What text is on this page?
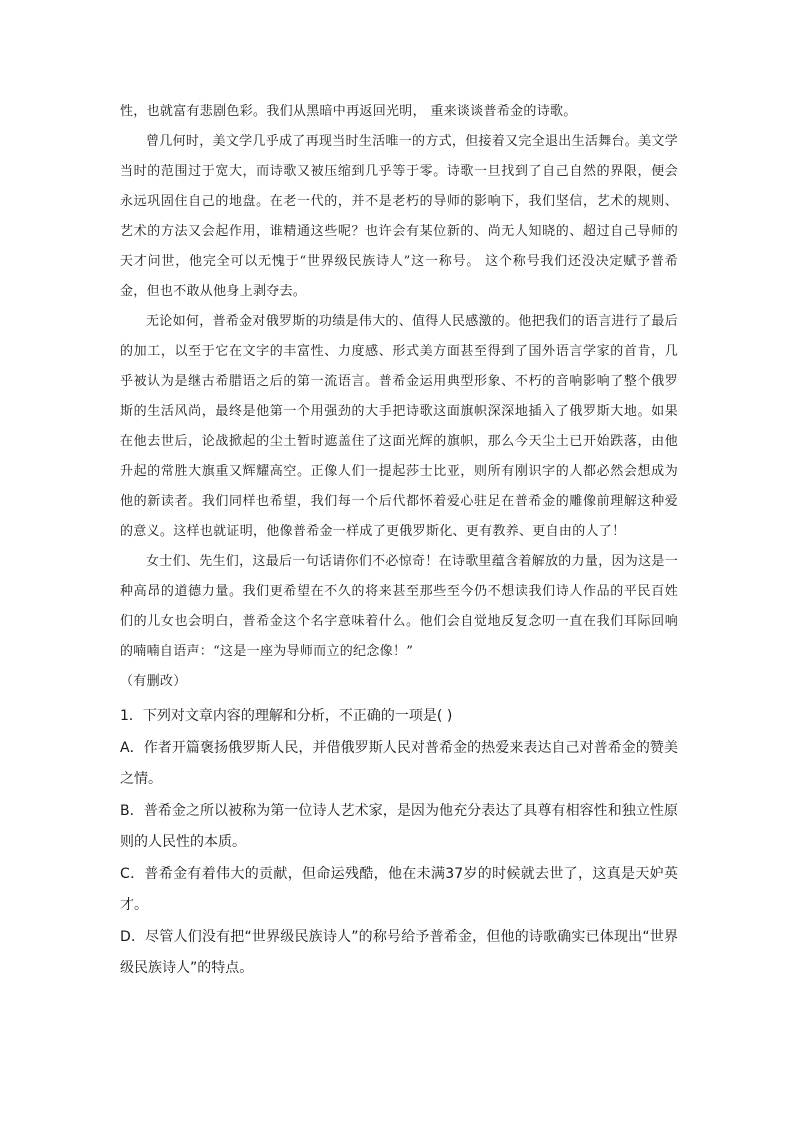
性，也就富有悲剧色彩。我们从黑暗中再返回光明， 重来谈谈普希金的诗歌。

曾几何时，美文学几乎成了再现当时生活唯一的方式，但接着又完全退出生活舞台。美文学当时的范围过于宽大，而诗歌又被压缩到几乎等于零。诗歌一旦找到了自己自然的界限，便会永远巩固住自己的地盘。在老一代的，并不是老朽的导师的影响下，我们坚信，艺术的规则、艺术的方法又会起作用，谁精通这些呢？也许会有某位新的、尚无人知晓的、超过自己导师的天才问世，他完全可以无愧于“世界级民族诗人”这一称号。 这个称号我们还没决定赋予普希金，但也不敢从他身上剥夺去。

无论如何，普希金对俄罗斯的功绩是伟大的、值得人民感激的。他把我们的语言进行了最后的加工，以至于它在文字的丰富性、力度感、形式美方面甚至得到了国外语言学家的首肯，几乎被认为是继古希腊语之后的第一流语言。普希金运用典型形象、不朽的音响影响了整个俄罗斯的生活风尚，最终是他第一个用强劲的大手把诗歌这面旗帜深深地插入了俄罗斯大地。如果在他去世后，论战掀起的尘土暂时遮盖住了这面光辉的旗帜，那么今天尘土已开始跌落，由他升起的常胜大旗重又辉耀高空。正像人们一提起莎士比亚，则所有刚识字的人都必然会想成为他的新读者。我们同样也希望，我们每一个后代都怀着爱心驻足在普希金的雕像前理解这种爱的意义。这样也就证明，他像普希金一样成了更俄罗斯化、更有教养、更自由的人了！

女士们、先生们，这最后一句话请你们不必惊奇！在诗歌里蕴含着解放的力量，因为这是一种高昂的道德力量。我们更希望在不久的将来甚至那些至今仍不想读我们诗人作品的平民百姓们的儿女也会明白，普希金这个名字意味着什么。他们会自觉地反复念叨一直在我们耳际回响的喃喃自语声：“这是一座为导师而立的纪念像！”

（有删改）

1．下列对文章内容的理解和分析，不正确的一项是( )

A．作者开篇褒扬俄罗斯人民，并借俄罗斯人民对普希金的热爱来表达自己对普希金的赞美之情。

B．普希金之所以被称为第一位诗人艺术家，是因为他充分表达了具尊有相容性和独立性原则的人民性的本质。

C．普希金有着伟大的贡献，但命运残酷，他在未满37岁的时候就去世了，这真是天妒英才。

D．尽管人们没有把“世界级民族诗人”的称号给予普希金，但他的诗歌确实已体现出“世界级民族诗人”的特点。
